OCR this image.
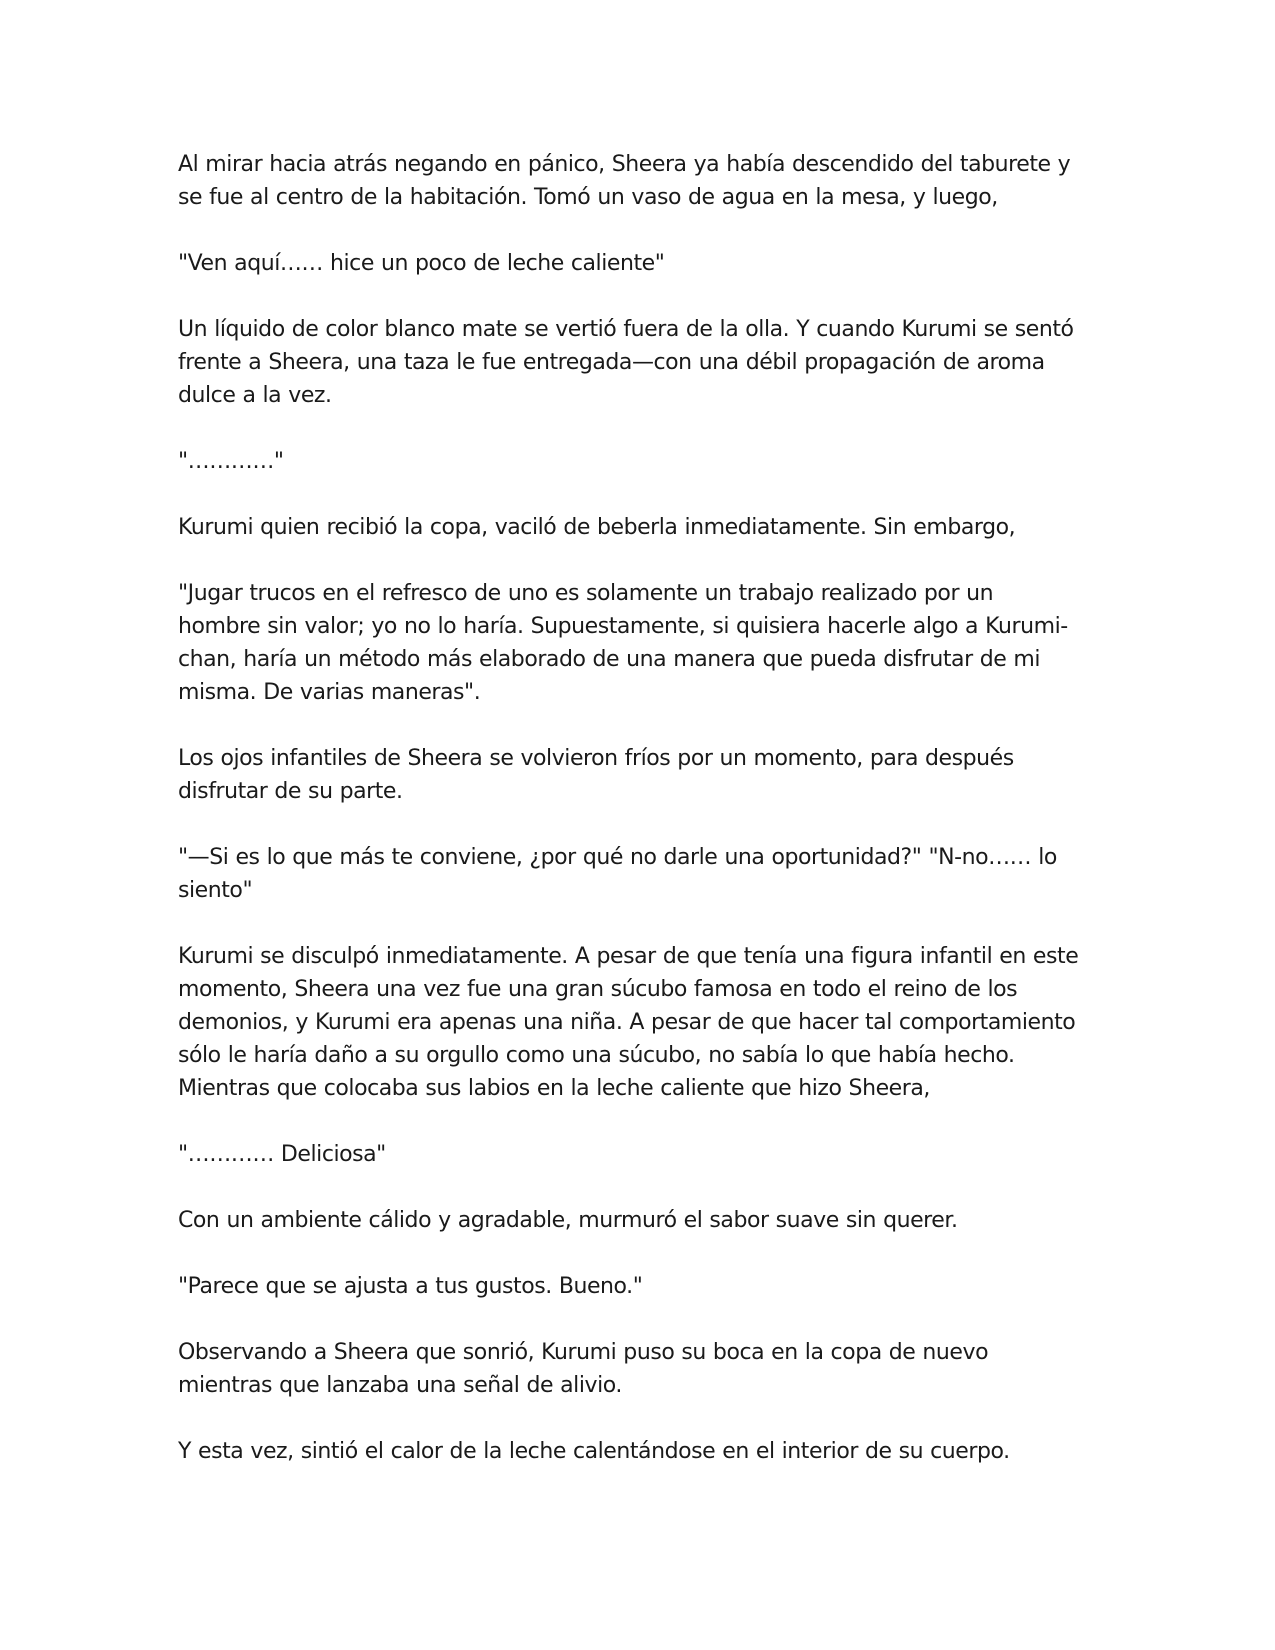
Al mirar hacia atrás negando en pánico, Sheera ya había descendido del taburete y
se fue al centro de la habitación. Tomó un vaso de agua en la mesa, y luego,

"Ven aquí…… hice un poco de leche caliente"

Un líquido de color blanco mate se vertió fuera de la olla. Y cuando Kurumi se sentó
frente a Sheera, una taza le fue entregada—con una débil propagación de aroma
dulce a la vez.

"…………"

Kurumi quien recibió la copa, vaciló de beberla inmediatamente. Sin embargo,

"Jugar trucos en el refresco de uno es solamente un trabajo realizado por un
hombre sin valor; yo no lo haría. Supuestamente, si quisiera hacerle algo a Kurumi-
chan, haría un método más elaborado de una manera que pueda disfrutar de mi
misma. De varias maneras".

Los ojos infantiles de Sheera se volvieron fríos por un momento, para después
disfrutar de su parte.

"—Si es lo que más te conviene, ¿por qué no darle una oportunidad?" "N-no…… lo
siento"

Kurumi se disculpó inmediatamente. A pesar de que tenía una figura infantil en este
momento, Sheera una vez fue una gran súcubo famosa en todo el reino de los
demonios, y Kurumi era apenas una niña. A pesar de que hacer tal comportamiento
sólo le haría daño a su orgullo como una súcubo, no sabía lo que había hecho.
Mientras que colocaba sus labios en la leche caliente que hizo Sheera,

"………… Deliciosa"

Con un ambiente cálido y agradable, murmuró el sabor suave sin querer.

"Parece que se ajusta a tus gustos. Bueno."

Observando a Sheera que sonrió, Kurumi puso su boca en la copa de nuevo
mientras que lanzaba una señal de alivio.

Y esta vez, sintió el calor de la leche calentándose en el interior de su cuerpo.
